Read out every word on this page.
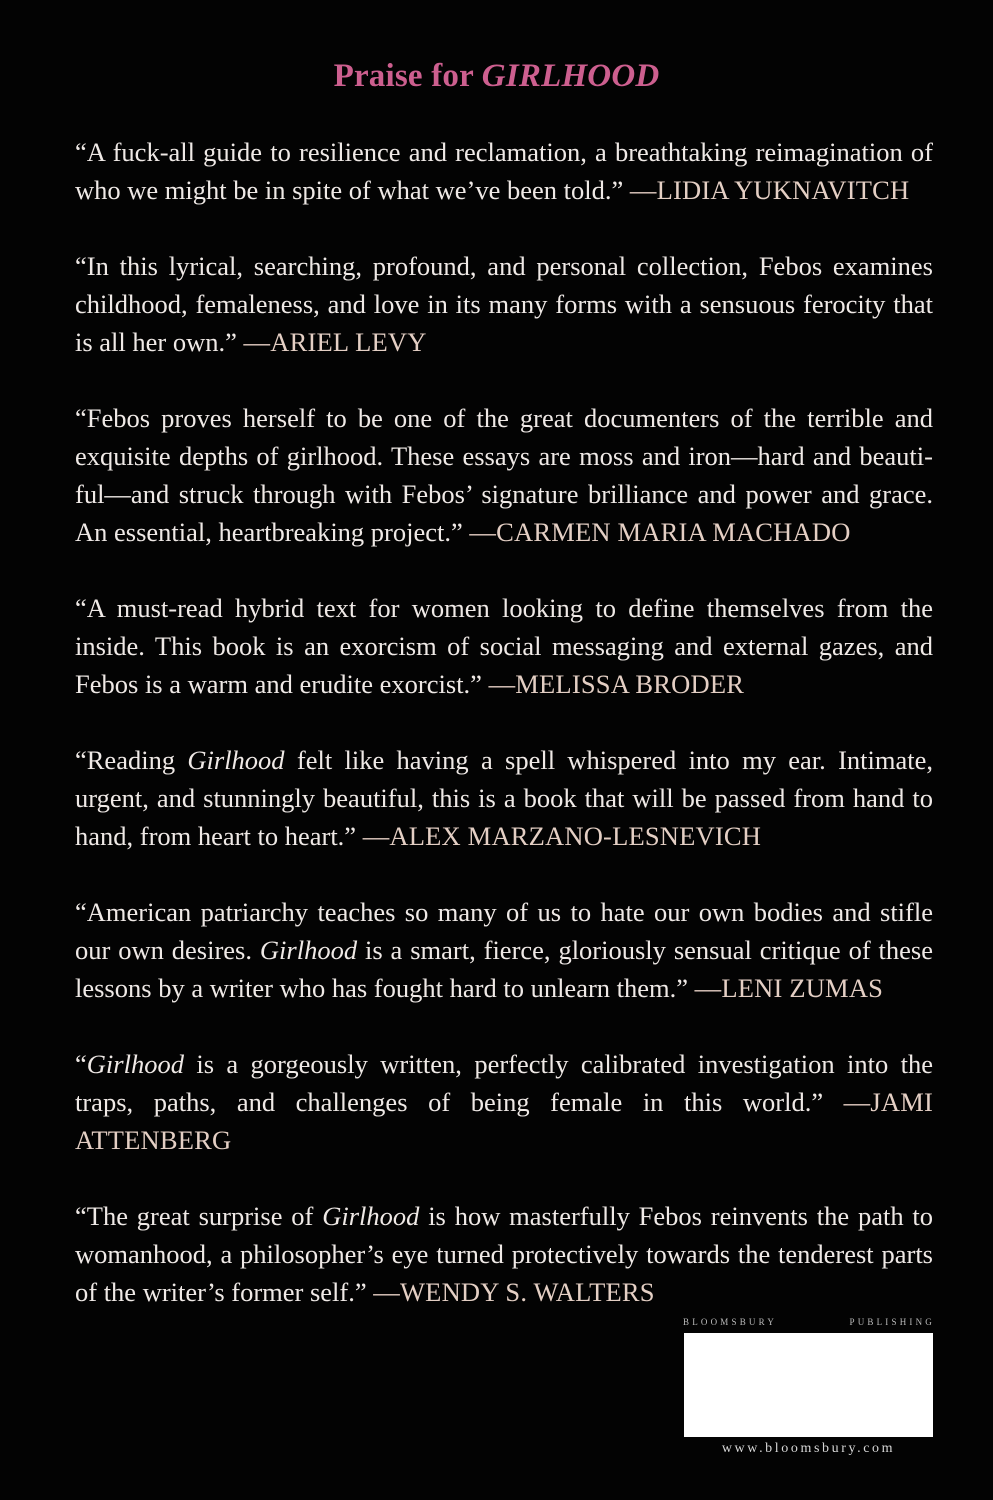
Praise for GIRLHOOD

“A fuck-all guide to resilience and reclamation, a breathtaking reimagination of who we might be in spite of what we’ve been told.” —LIDIA YUKNAVITCH

“In this lyrical, searching, profound, and personal collection, Febos examines childhood, femaleness, and love in its many forms with a sensuous ferocity that is all her own.” —ARIEL LEVY

“Febos proves herself to be one of the great documenters of the terrible and exquisite depths of girlhood. These essays are moss and iron—hard and beautiful—and struck through with Febos’ signature brilliance and power and grace. An essential, heartbreaking project.” —CARMEN MARIA MACHADO

“A must-read hybrid text for women looking to define themselves from the inside. This book is an exorcism of social messaging and external gazes, and Febos is a warm and erudite exorcist.” —MELISSA BRODER

“Reading Girlhood felt like having a spell whispered into my ear. Intimate, urgent, and stunningly beautiful, this is a book that will be passed from hand to hand, from heart to heart.” —ALEX MARZANO-LESNEVICH

“American patriarchy teaches so many of us to hate our own bodies and stifle our own desires. Girlhood is a smart, fierce, gloriously sensual critique of these lessons by a writer who has fought hard to unlearn them.” —LENI ZUMAS

“Girlhood is a gorgeously written, perfectly calibrated investigation into the traps, paths, and challenges of being female in this world.” —JAMI ATTENBERG

“The great surprise of Girlhood is how masterfully Febos reinvents the path to womanhood, a philosopher’s eye turned protectively towards the tenderest parts of the writer’s former self.” —WENDY S. WALTERS

BLOOMSBURY PUBLISHING
www.bloomsbury.com
